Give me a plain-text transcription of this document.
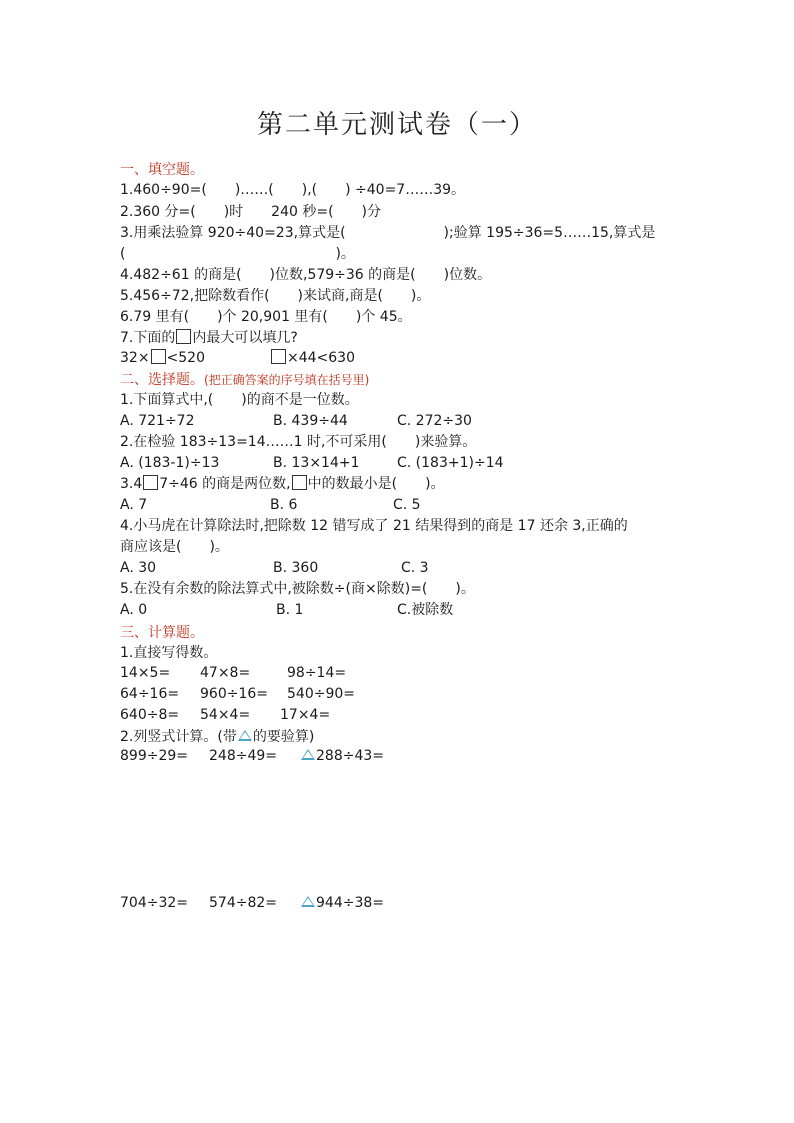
第二单元测试卷（一）
一、填空题。
1.460÷90=(　　)……(　　),(　　) ÷40=7……39。
2.360 分=(　　)时　　240 秒=(　　)分
3.用乘法验算 920÷40=23,算式是(　　　　　　　);验算 195÷36=5……15,算式是
(　　　　　　　　　　　　　　　)。
4.482÷61 的商是(　　)位数,579÷36 的商是(　　)位数。
5.456÷72,把除数看作(　　)来试商,商是(　　)。
6.79 里有(　　)个 20,901 里有(　　)个 45。
7.下面的 内最大可以填几?
32× <520	×44<630
二、选择题。(把正确答案的序号填在括号里)
1.下面算式中,(　　)的商不是一位数。
A. 721÷72	B. 439÷44	C. 272÷30
2.在检验 183÷13=14……1 时,不可采用(　　)来验算。
A. (183-1)÷13	B. 13×14+1	C. (183+1)÷14
3.4 7÷46 的商是两位数, 中的数最小是(　　)。
A. 7	B. 6	C. 5
4.小马虎在计算除法时,把除数 12 错写成了 21 结果得到的商是 17 还余 3,正确的
商应该是(　　)。
A. 30	B. 360	C. 3
5.在没有余数的除法算式中,被除数÷(商×除数)=(　　)。
A. 0	B. 1	C.被除数
三、计算题。
1.直接写得数。
14×5= 47×8=	98÷14=
64÷16= 960÷16= 540÷90=
640÷8= 54×4= 17×4=
2.列竖式计算。(带 的要验算)
899÷29= 248÷49=	288÷43=
704÷32= 574÷82=	944÷38=
